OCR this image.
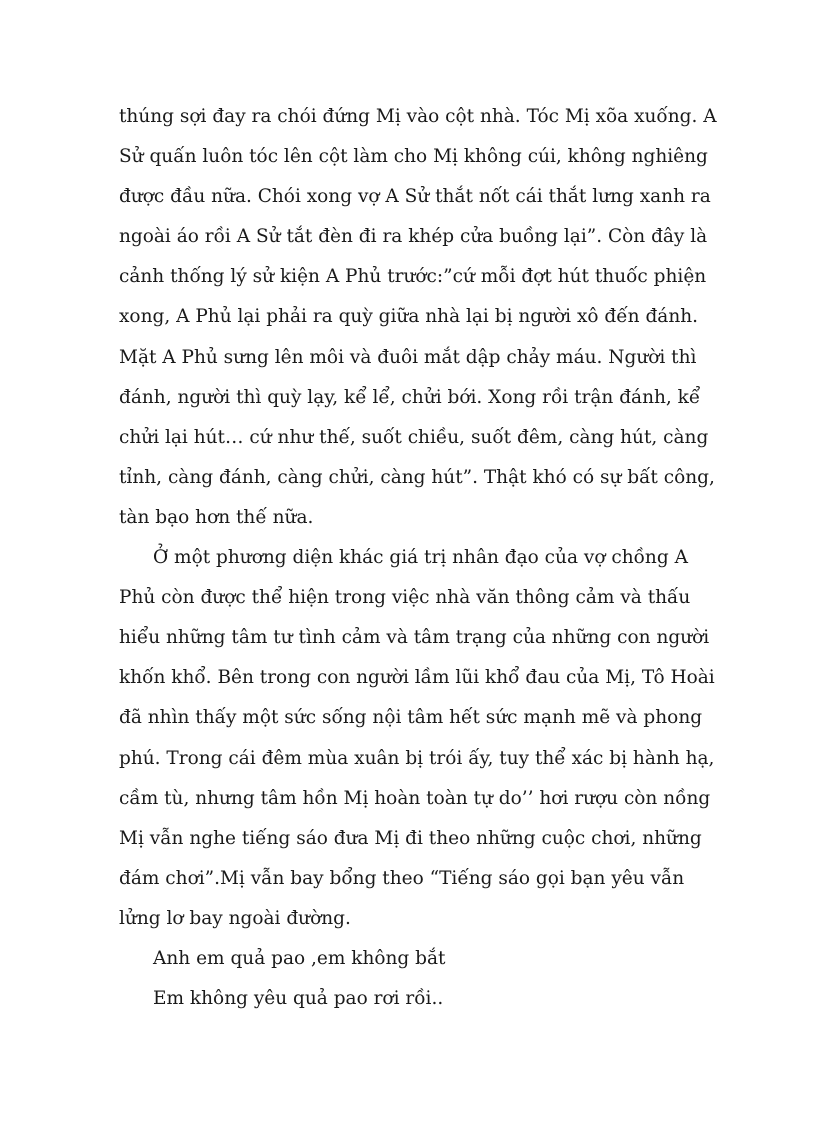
thúng sợi đay ra chói đứng Mị vào cột nhà. Tóc Mị xõa xuống. A
Sử quấn luôn tóc lên cột làm cho Mị không cúi, không nghiêng
được đầu nữa. Chói xong vợ A Sử thắt nốt cái thắt lưng xanh ra
ngoài áo rồi A Sử tắt đèn đi ra khép cửa buồng lại”. Còn đây là
cảnh thống lý sử kiện A Phủ trước:”cứ mỗi đợt hút thuốc phiện
xong, A Phủ lại phải ra quỳ giữa nhà lại bị người xô đến đánh.
Mặt A Phủ sưng lên môi và đuôi mắt dập chảy máu. Người thì
đánh, người thì quỳ lạy, kể lể, chửi bới. Xong rồi trận đánh, kể
chửi lại hút… cứ như thế, suốt chiều, suốt đêm, càng hút, càng
tỉnh, càng đánh, càng chửi, càng hút”. Thật khó có sự bất công,
tàn bạo hơn thế nữa.
Ở một phương diện khác giá trị nhân đạo của vợ chồng A
Phủ còn được thể hiện trong việc nhà văn thông cảm và thấu
hiểu những tâm tư tình cảm và tâm trạng của những con người
khốn khổ. Bên trong con người lầm lũi khổ đau của Mị, Tô Hoài
đã nhìn thấy một sức sống nội tâm hết sức mạnh mẽ và phong
phú. Trong cái đêm mùa xuân bị trói ấy, tuy thể xác bị hành hạ,
cầm tù, nhưng tâm hồn Mị hoàn toàn tự do’’ hơi rượu còn nồng
Mị vẫn nghe tiếng sáo đưa Mị đi theo những cuộc chơi, những
đám chơi”.Mị vẫn bay bổng theo “Tiếng sáo gọi bạn yêu vẫn
lửng lơ bay ngoài đường.
Anh em quả pao ,em không bắt
Em không yêu quả pao rơi rồi..
